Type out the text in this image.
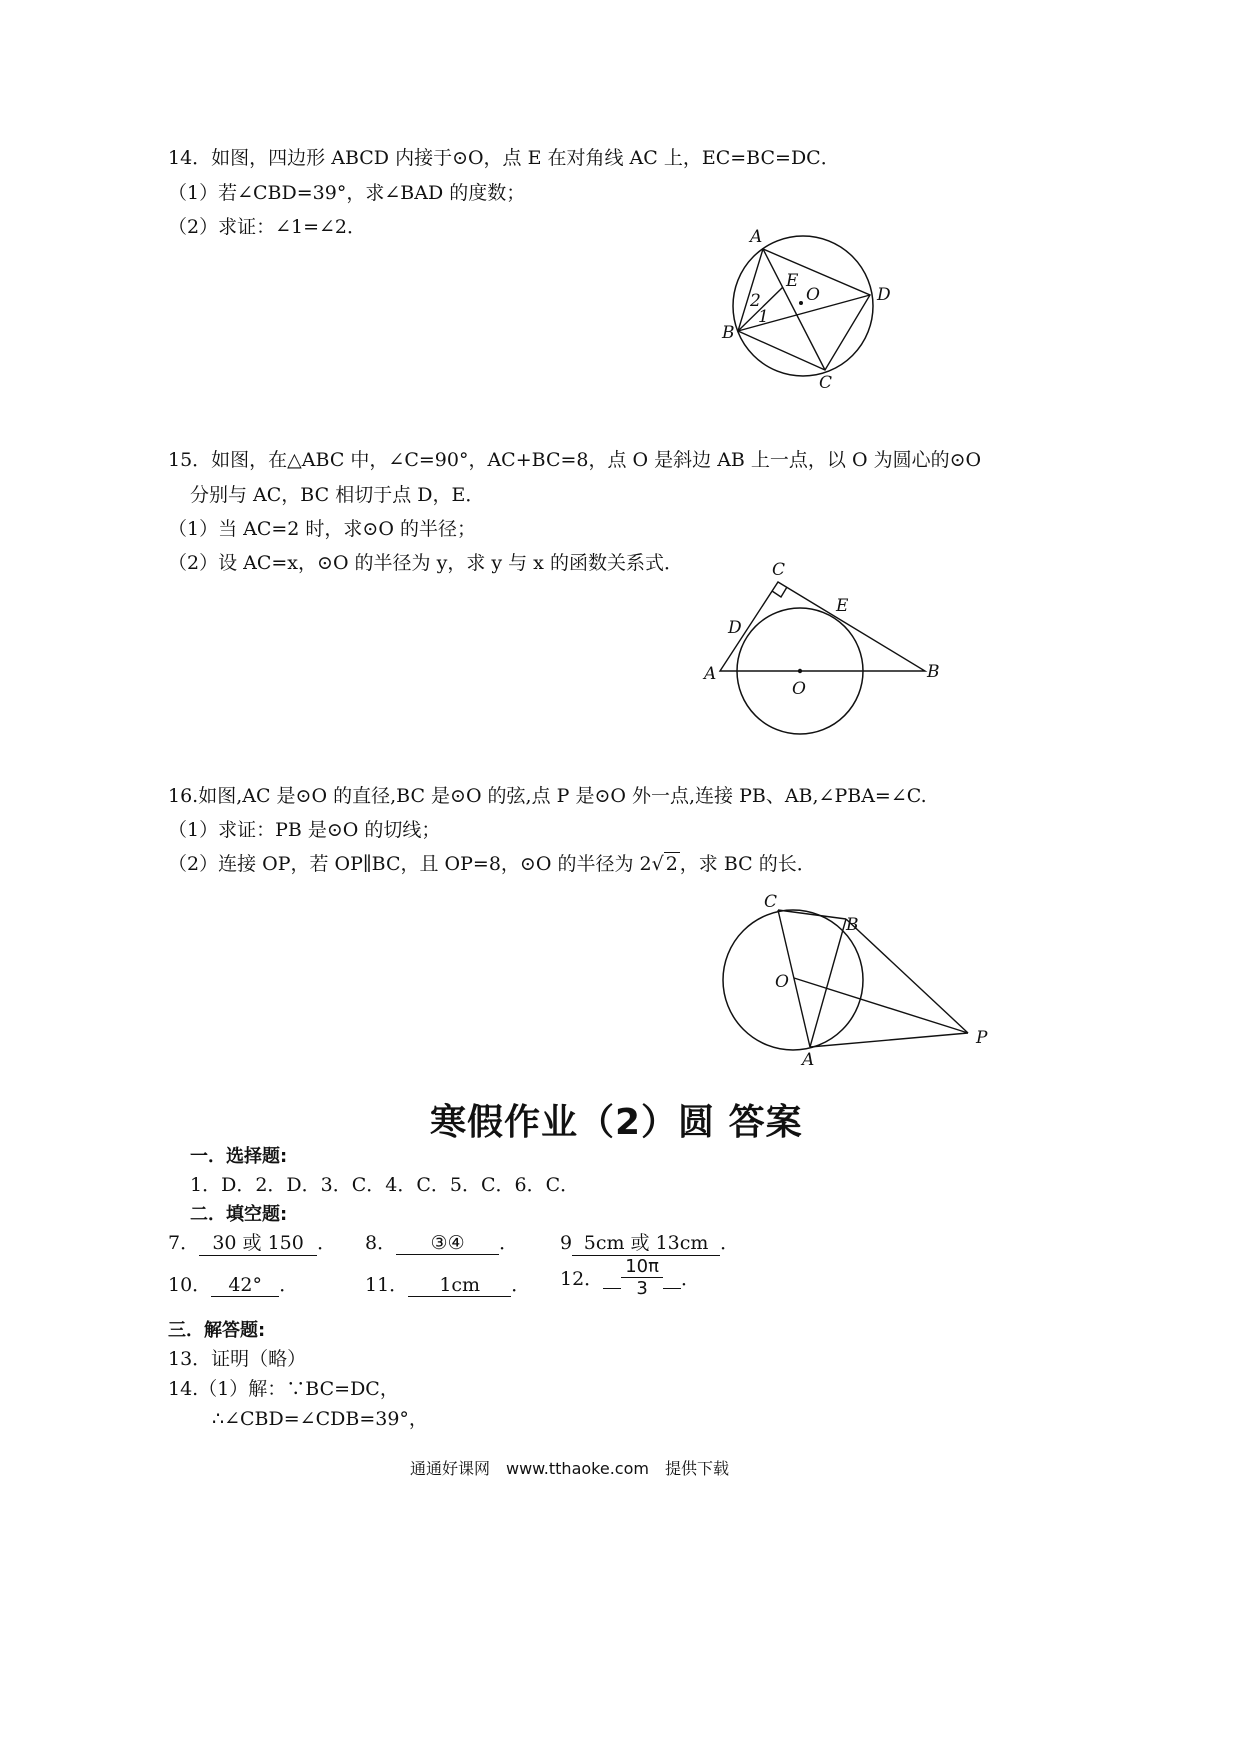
14．如图，四边形 ABCD 内接于⊙O，点 E 在对角线 AC 上，EC=BC=DC．
（1）若∠CBD=39°，求∠BAD 的度数；
（2）求证：∠1=∠2．	A
B
C
D
E
O
1
2
15．如图，在△ABC 中，∠C=90°，AC+BC=8，点 O 是斜边 AB 上一点，以 O 为圆心的⊙O
分别与 AC，BC 相切于点 D，E．
（1）当 AC=2 时，求⊙O 的半径；
（2）设 AC=x，⊙O 的半径为 y，求 y 与 x 的函数关系式．
A	B
C
D
E
O
16.如图,AC 是⊙O 的直径,BC 是⊙O 的弦,点 P 是⊙O 外一点,连接 PB、AB,∠PBA=∠C.
（1）求证：PB 是⊙O 的切线；
（2）连接 OP，若 OP∥BC，且 OP=8，⊙O 的半径为 2√ 2 ，求 BC 的长．
C
B
O
A
P
寒假作业（2）圆 答案
一．选择题:
1．D．2．D．3．C．4．C．5．C．6．C．
二．填空题:
7． 30 或 150 ． 8． ③④ ． 9 5cm 或 13cm ．
10． 42° ．	11． 1cm ． 12． $\frac{10\pi}{3}$ ．
三．解答题:
13．证明（略）
14.（1）解：∵BC=DC，
∴∠CBD=∠CDB=39°，
通通好课网　www.tthaoke.com　提供下载
